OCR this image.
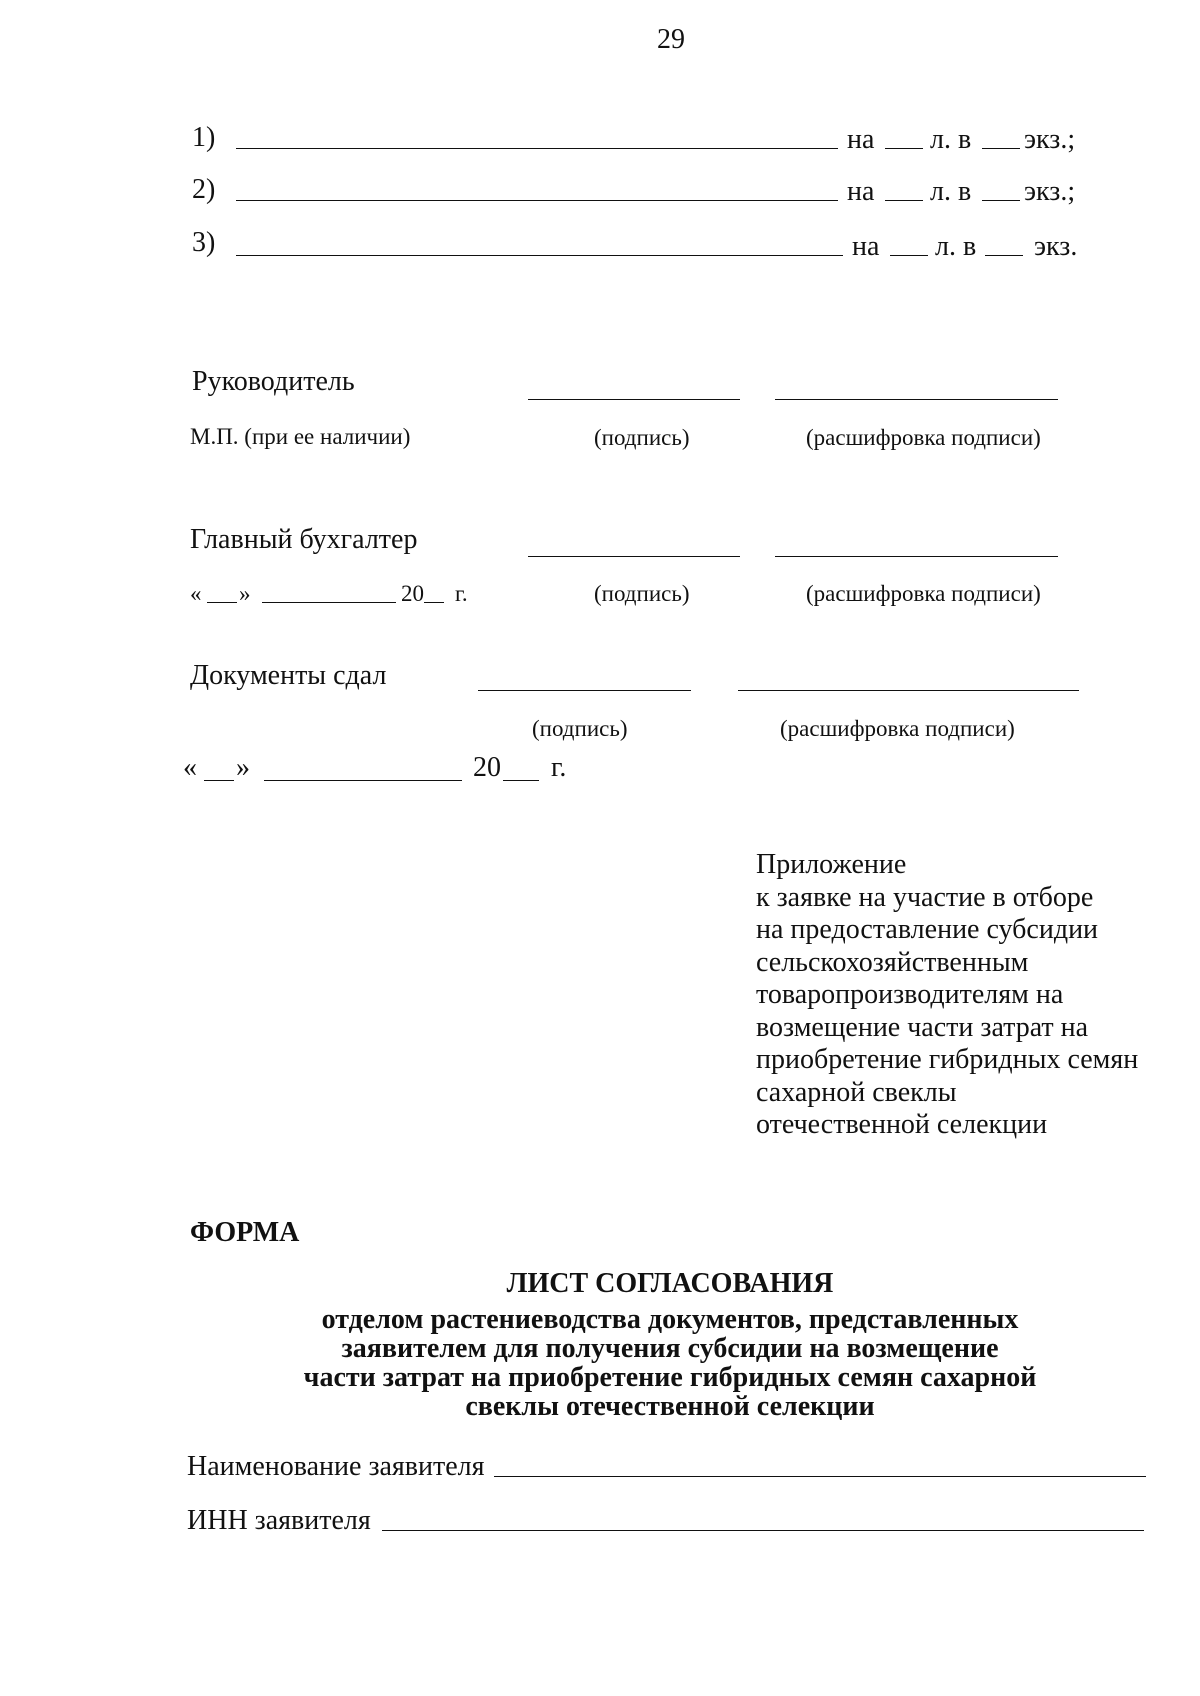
29
1)	на л. в экз.;
2)	на л. в экз.;
3)	на л. в экз.
Руководитель
М.П. (при ее наличии)	(подпись)	(расшифровка подписи)
Главный бухгалтер
« »	20 г.	(подпись)	(расшифровка подписи)
Документы сдал
(подпись)	(расшифровка подписи)
« »	20 г.
Приложение
к заявке на участие в отборе
на предоставление субсидии
сельскохозяйственным
товаропроизводителям на
возмещение части затрат на
приобретение гибридных семян
сахарной свеклы
отечественной селекции
ФОРМА
ЛИСТ СОГЛАСОВАНИЯ
отделом растениеводства документов, представленных
заявителем для получения субсидии на возмещение
части затрат на приобретение гибридных семян сахарной
свеклы отечественной селекции
Наименование заявителя
ИНН заявителя
